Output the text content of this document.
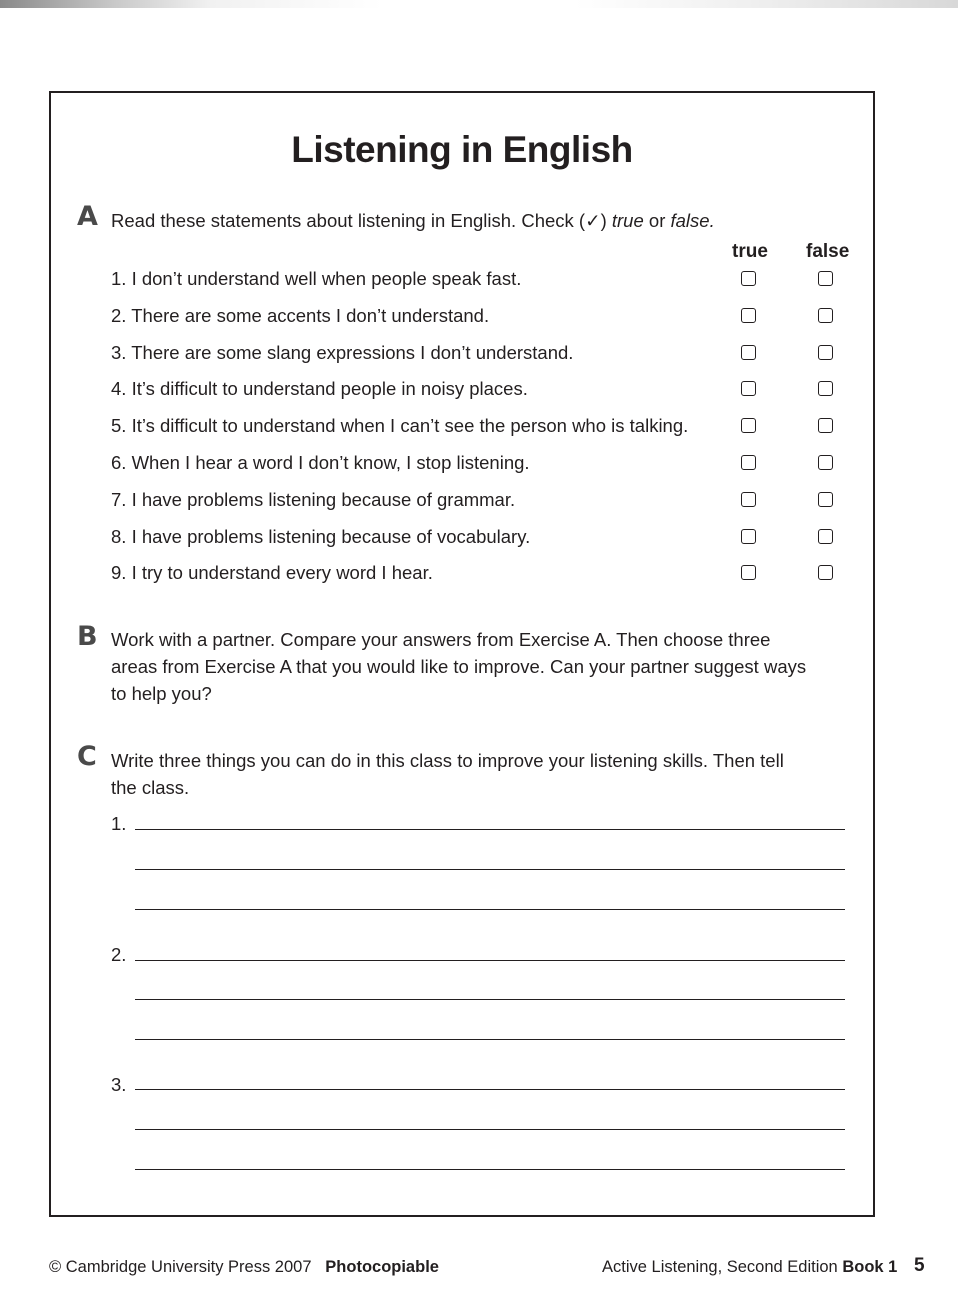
Listening in English
A Read these statements about listening in English. Check (✓) true or false.
true false
1. I don’t understand well when people speak fast.
2. There are some accents I don’t understand.
3. There are some slang expressions I don’t understand.
4. It’s difficult to understand people in noisy places.
5. It’s difficult to understand when I can’t see the person who is talking.
6. When I hear a word I don’t know, I stop listening.
7. I have problems listening because of grammar.
8. I have problems listening because of vocabulary.
9. I try to understand every word I hear.
B Work with a partner. Compare your answers from Exercise A. Then choose three
areas from Exercise A that you would like to improve. Can your partner suggest ways
to help you?
C Write three things you can do in this class to improve your listening skills. Then tell
the class.
1.
2.
3.
© Cambridge University Press 2007 Photocopiable	Active Listening, Second Edition Book 1 5
